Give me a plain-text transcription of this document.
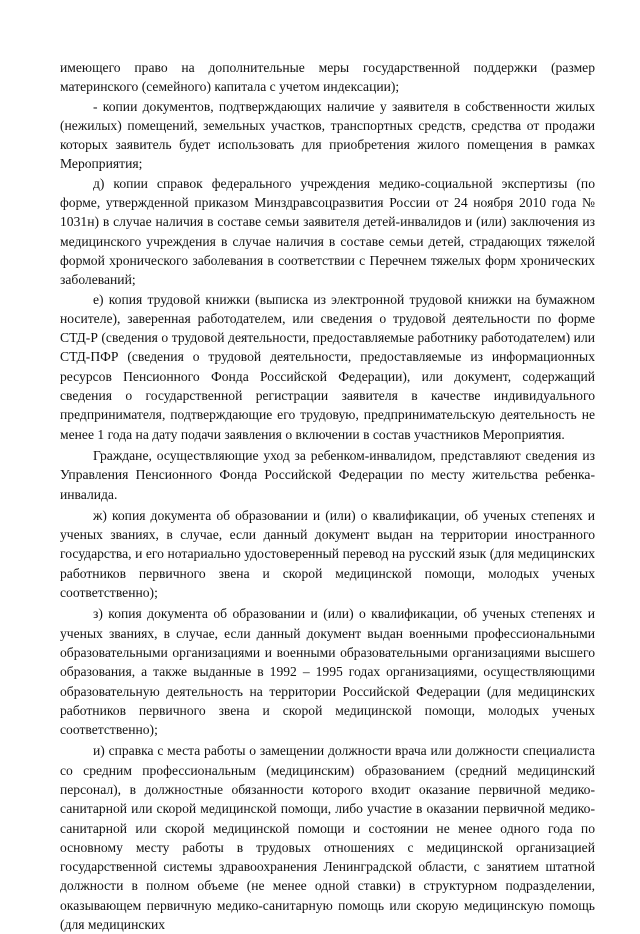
имеющего право на дополнительные меры государственной поддержки (размер материнского (семейного) капитала с учетом индексации);

- копии документов, подтверждающих наличие у заявителя в собственности жилых (нежилых) помещений, земельных участков, транспортных средств, средства от продажи которых заявитель будет использовать для приобретения жилого помещения в рамках Мероприятия;

д) копии справок федерального учреждения медико-социальной экспертизы (по форме, утвержденной приказом Минздравсоцразвития России от 24 ноября 2010 года № 1031н) в случае наличия в составе семьи заявителя детей-инвалидов и (или) заключения из медицинского учреждения в случае наличия в составе семьи детей, страдающих тяжелой формой хронического заболевания в соответствии с Перечнем тяжелых форм хронических заболеваний;

е) копия трудовой книжки (выписка из электронной трудовой книжки на бумажном носителе), заверенная работодателем, или сведения о трудовой деятельности по форме СТД-Р (сведения о трудовой деятельности, предоставляемые работнику работодателем) или СТД-ПФР (сведения о трудовой деятельности, предоставляемые из информационных ресурсов Пенсионного Фонда Российской Федерации), или документ, содержащий сведения о государственной регистрации заявителя в качестве индивидуального предпринимателя, подтверждающие его трудовую, предпринимательскую деятельность не менее 1 года на дату подачи заявления о включении в состав участников Мероприятия.

Граждане, осуществляющие уход за ребенком-инвалидом, представляют сведения из Управления Пенсионного Фонда Российской Федерации по месту жительства ребенка-инвалида.

ж) копия документа об образовании и (или) о квалификации, об ученых степенях и ученых званиях, в случае, если данный документ выдан на территории иностранного государства, и его нотариально удостоверенный перевод на русский язык (для медицинских работников первичного звена и скорой медицинской помощи, молодых ученых соответственно);

з) копия документа об образовании и (или) о квалификации, об ученых степенях и ученых званиях, в случае, если данный документ выдан военными профессиональными образовательными организациями и военными образовательными организациями высшего образования, а также выданные в 1992 – 1995 годах организациями, осуществляющими образовательную деятельность на территории Российской Федерации (для медицинских работников первичного звена и скорой медицинской помощи, молодых ученых соответственно);

и) справка с места работы о замещении должности врача или должности специалиста со средним профессиональным (медицинским) образованием (средний медицинский персонал), в должностные обязанности которого входит оказание первичной медико-санитарной или скорой медицинской помощи, либо участие в оказании первичной медико-санитарной или скорой медицинской помощи и состоянии не менее одного года по основному месту работы в трудовых отношениях с медицинской организацией государственной системы здравоохранения Ленинградской области, с занятием штатной должности в полном объеме (не менее одной ставки) в структурном подразделении, оказывающем первичную медико-санитарную помощь или скорую медицинскую помощь (для медицинских
